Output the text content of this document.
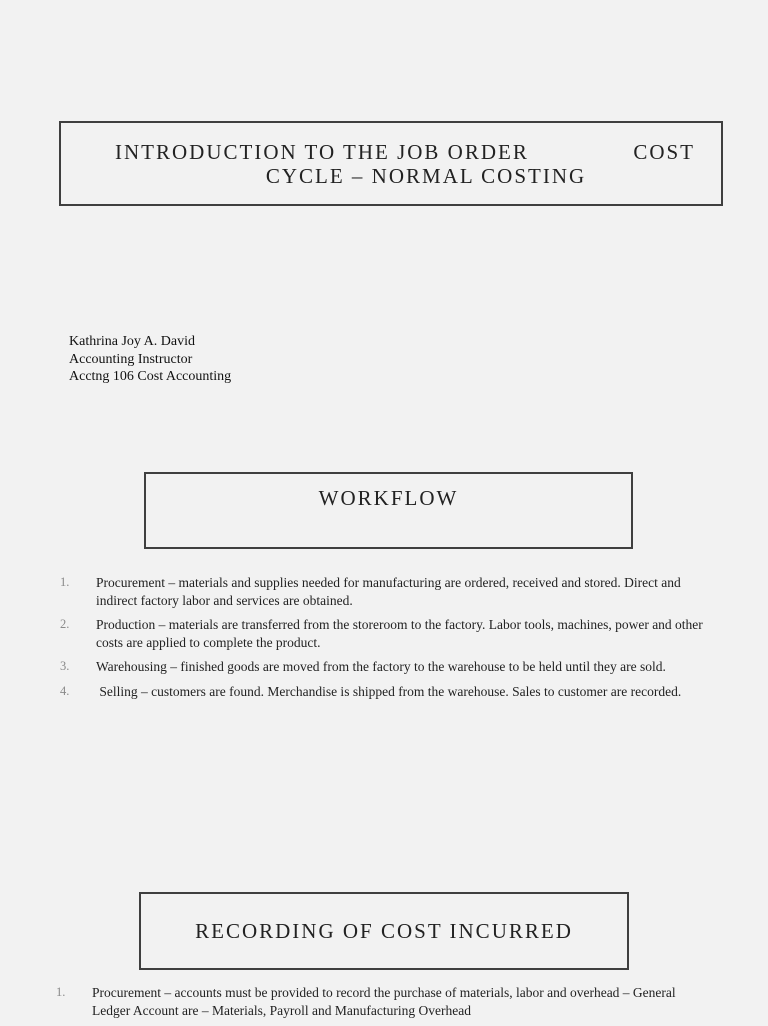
INTRODUCTION TO THE JOB ORDER	COST
CYCLE – NORMAL COSTING
Kathrina Joy A. David
Accounting Instructor
Acctng 106 Cost Accounting
WORKFLOW
1. Procurement – materials and supplies needed for manufacturing are ordered, received and stored. Direct and indirect factory labor and services are obtained.
2. Production – materials are transferred from the storeroom to the factory. Labor tools, machines, power and other costs are applied to complete the product.
3. Warehousing – finished goods are moved from the factory to the warehouse to be held until they are sold.
4. Selling – customers are found. Merchandise is shipped from the warehouse. Sales to customer are recorded.
RECORDING OF COST INCURRED
1. Procurement – accounts must be provided to record the purchase of materials, labor and overhead – General Ledger Account are – Materials, Payroll and Manufacturing Overhead
